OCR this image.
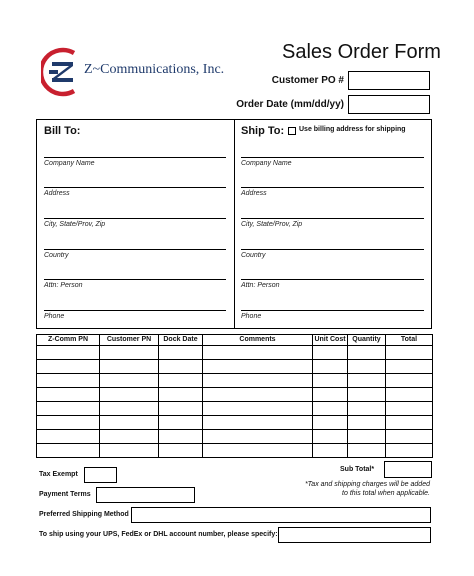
Z~Communications, Inc.
Sales Order Form
Customer PO #
Order Date (mm/dd/yy)
Bill To:	Ship To: Use billing address for shipping
Company Name
Address
City, State/Prov, Zip
Country
Attn: Person
Phone
Company Name
Address
City, State/Prov, Zip
Country
Attn: Person
Phone
Z-Comm PN	Customer PN	Dock Date	Comments	Unit Cost	Quantity	Total

Tax Exempt
Payment Terms
Preferred Shipping Method
To ship using your UPS, FedEx or DHL account number, please specify:
Sub Total*
*Tax and shipping charges will be added
to this total when applicable.
